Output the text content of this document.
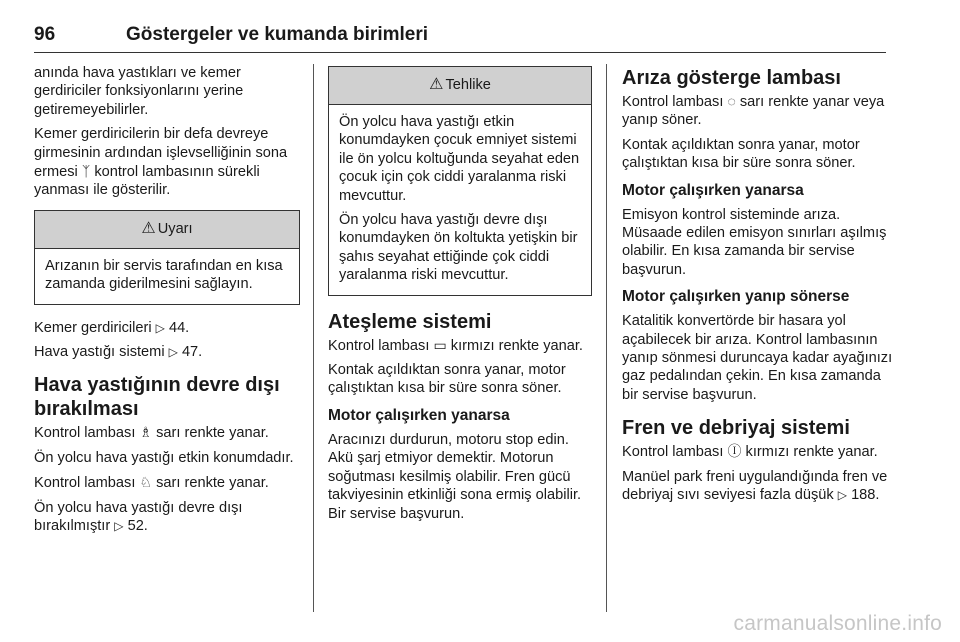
96	Göstergeler ve kumanda birimleri

anında hava yastıkları ve kemer gerdiriciler fonksiyonlarını yerine getiremeyebilirler.

Kemer gerdiricilerin bir defa devreye girmesinin ardından işlevselliğinin sona ermesi ᛉ kontrol lambasının sürekli yanması ile gösterilir.

⚠ Uyarı

Arızanın bir servis tarafından en kısa zamanda giderilmesini sağlayın.

Kemer gerdiricileri ▷ 44.

Hava yastığı sistemi ▷ 47.

Hava yastığının devre dışı bırakılması

Kontrol lambası ♗ sarı renkte yanar.

Ön yolcu hava yastığı etkin konumdadır.

Kontrol lambası ♘ sarı renkte yanar.

Ön yolcu hava yastığı devre dışı bırakılmıştır ▷ 52.

⚠ Tehlike

Ön yolcu hava yastığı etkin konumdayken çocuk emniyet sistemi ile ön yolcu koltuğunda seyahat eden çocuk için çok ciddi yaralanma riski mevcuttur.

Ön yolcu hava yastığı devre dışı konumdayken ön koltukta yetişkin bir şahıs seyahat ettiğinde çok ciddi yaralanma riski mevcuttur.

Ateşleme sistemi

Kontrol lambası ▭ kırmızı renkte yanar.

Kontak açıldıktan sonra yanar, motor çalıştıktan kısa bir süre sonra söner.

Motor çalışırken yanarsa

Aracınızı durdurun, motoru stop edin. Akü şarj etmiyor demektir. Motorun soğutması kesilmiş olabilir. Fren gücü takviyesinin etkinliği sona ermiş olabilir. Bir servise başvurun.

Arıza gösterge lambası

Kontrol lambası ◌ sarı renkte yanar veya yanıp söner.

Kontak açıldıktan sonra yanar, motor çalıştıktan kısa bir süre sonra söner.

Motor çalışırken yanarsa

Emisyon kontrol sisteminde arıza. Müsaade edilen emisyon sınırları aşılmış olabilir. En kısa zamanda bir servise başvurun.

Motor çalışırken yanıp sönerse

Katalitik konvertörde bir hasara yol açabilecek bir arıza. Kontrol lambasının yanıp sönmesi duruncaya kadar ayağınızı gaz pedalından çekin. En kısa zamanda bir servise başvurun.

Fren ve debriyaj sistemi

Kontrol lambası Ⓘ kırmızı renkte yanar.

Manüel park freni uygulandığında fren ve debriyaj sıvı seviyesi fazla düşük ▷ 188.

carmanualsonline.info
